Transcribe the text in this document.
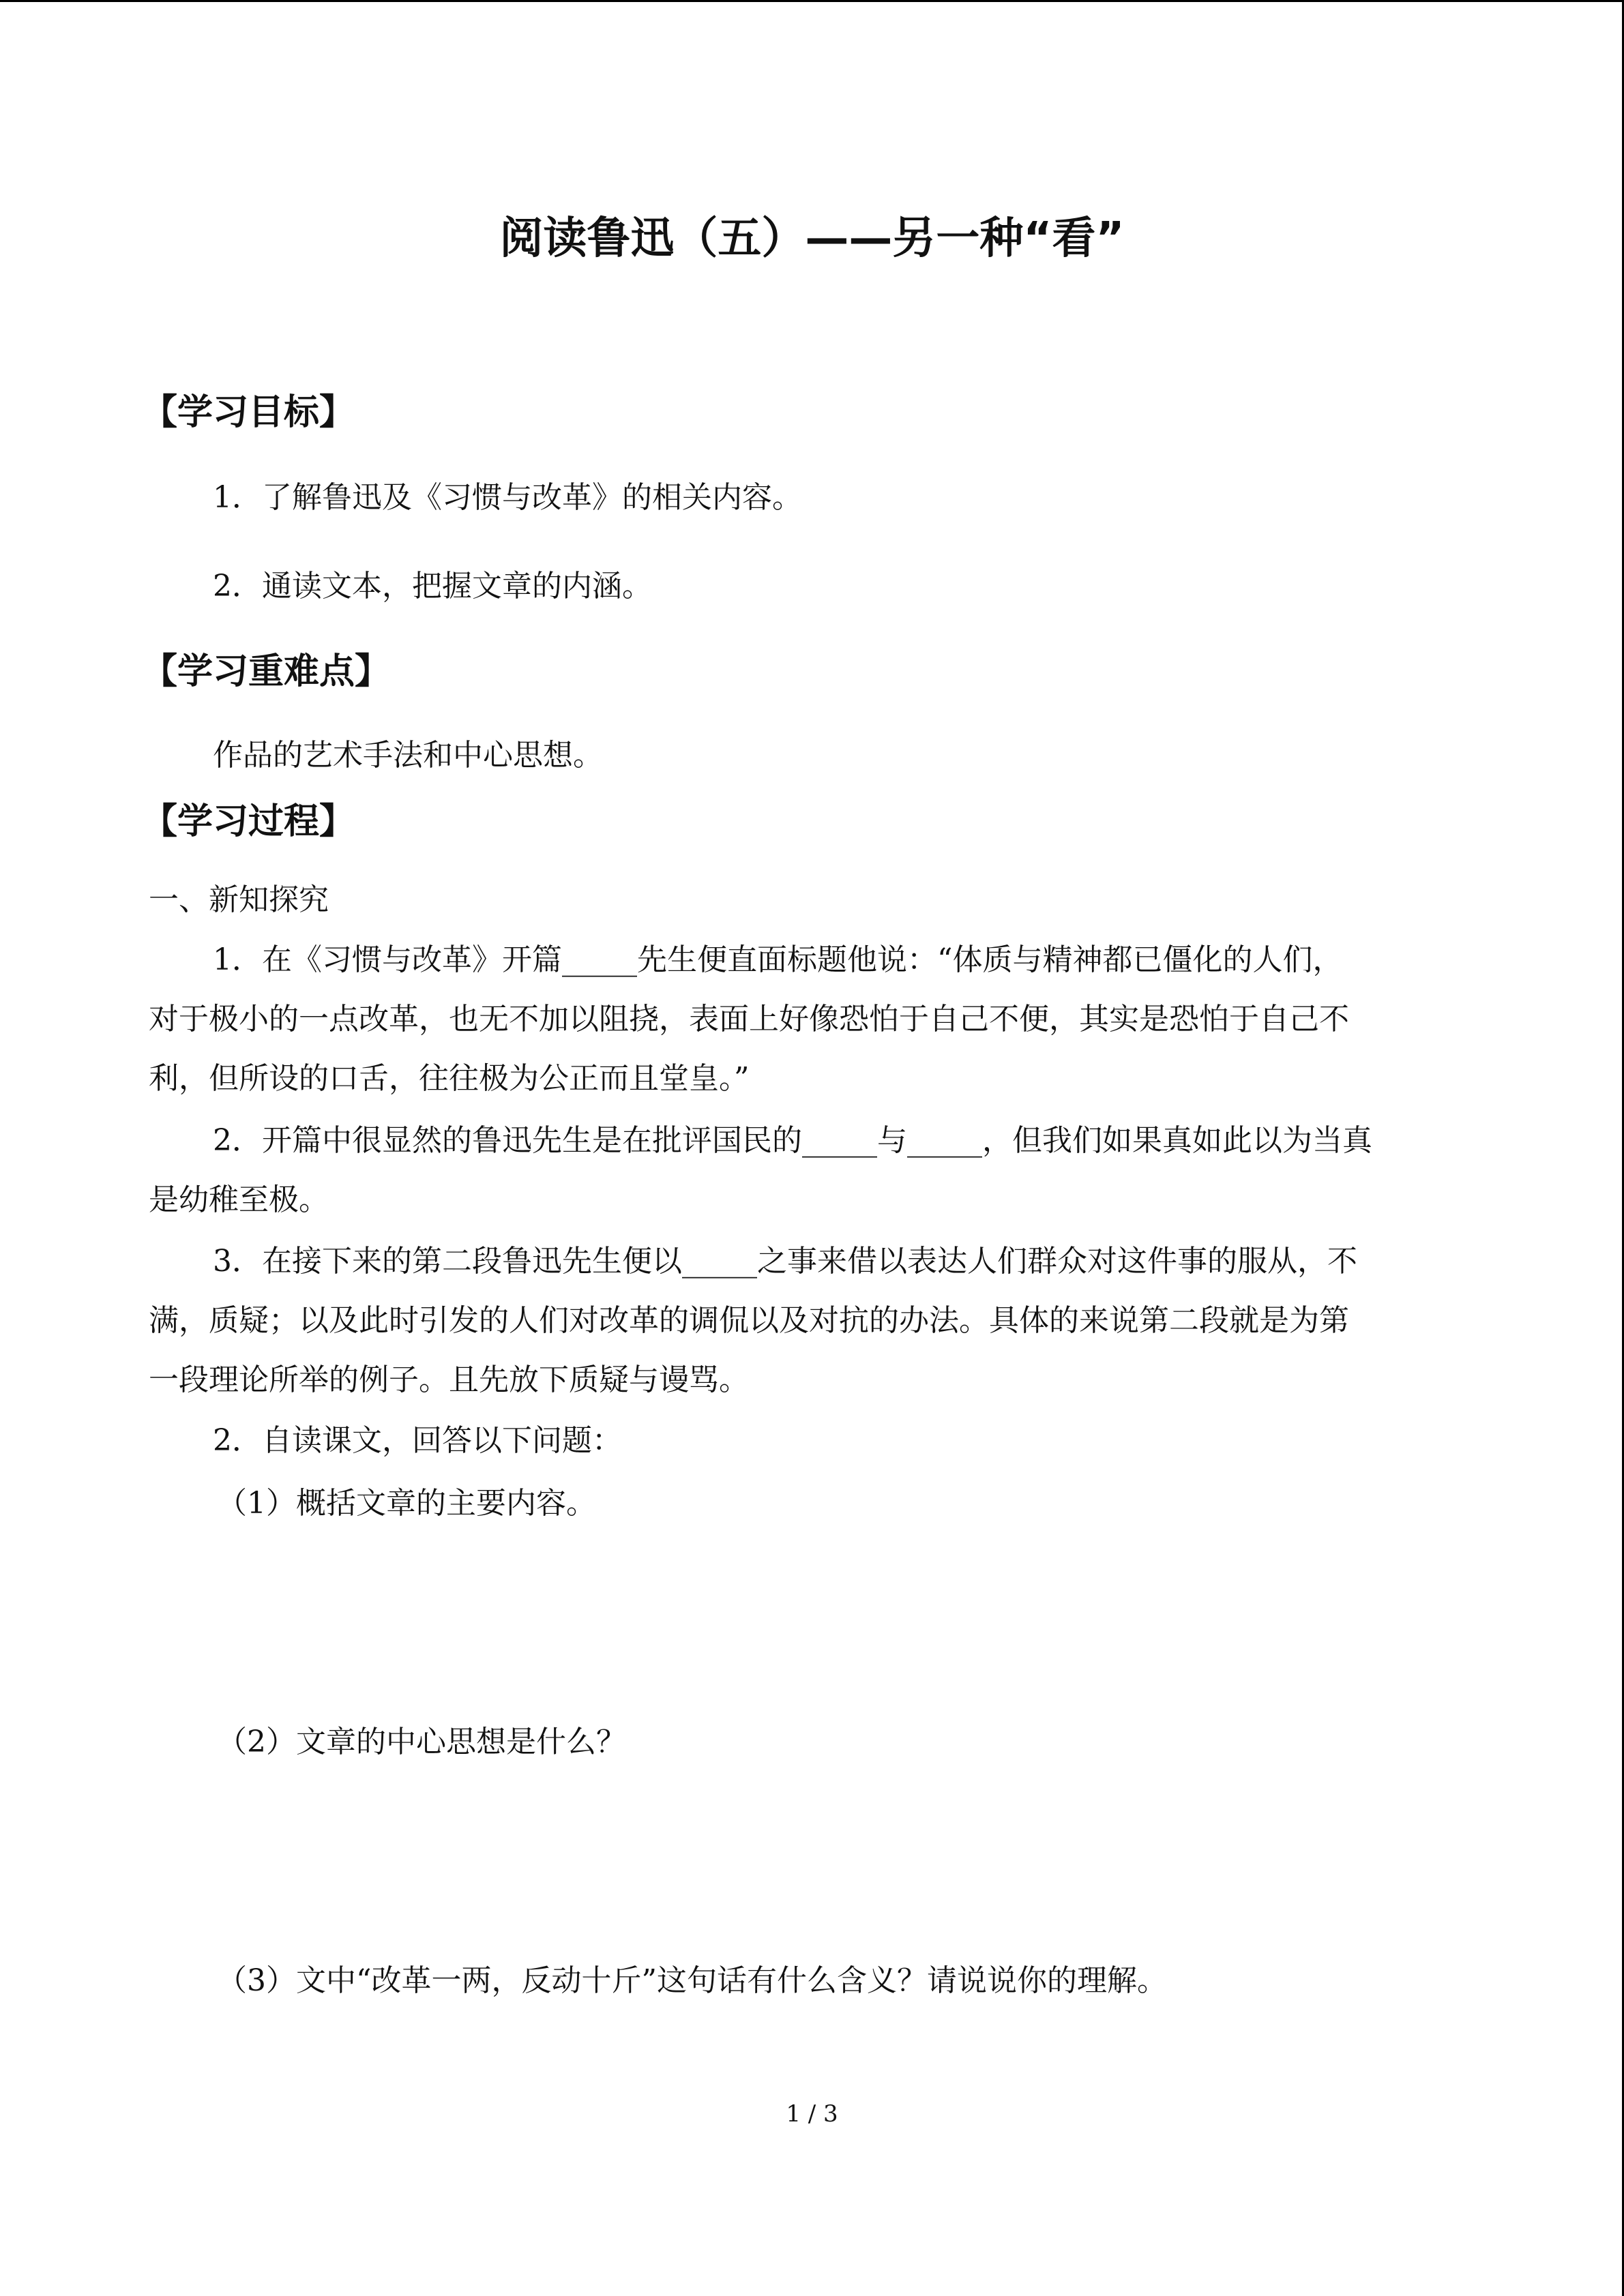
阅读鲁迅（五）——另一种“看”
【学习目标】
1．了解鲁迅及《习惯与改革》的相关内容。
2．通读文本，把握文章的内涵。
【学习重难点】
作品的艺术手法和中心思想。
【学习过程】
一、新知探究
1．在《习惯与改革》开篇_____先生便直面标题他说：“体质与精神都已僵化的人们，
对于极小的一点改革，也无不加以阻挠，表面上好像恐怕于自己不便，其实是恐怕于自己不
利，但所设的口舌，往往极为公正而且堂皇。”
2．开篇中很显然的鲁迅先生是在批评国民的_____与_____，但我们如果真如此以为当真
是幼稚至极。
3．在接下来的第二段鲁迅先生便以_____之事来借以表达人们群众对这件事的服从，不
满，质疑；以及此时引发的人们对改革的调侃以及对抗的办法。具体的来说第二段就是为第
一段理论所举的例子。且先放下质疑与谩骂。
2．自读课文，回答以下问题：
（1）概括文章的主要内容。
（2）文章的中心思想是什么？
（3）文中“改革一两，反动十斤”这句话有什么含义？请说说你的理解。
1 / 3
